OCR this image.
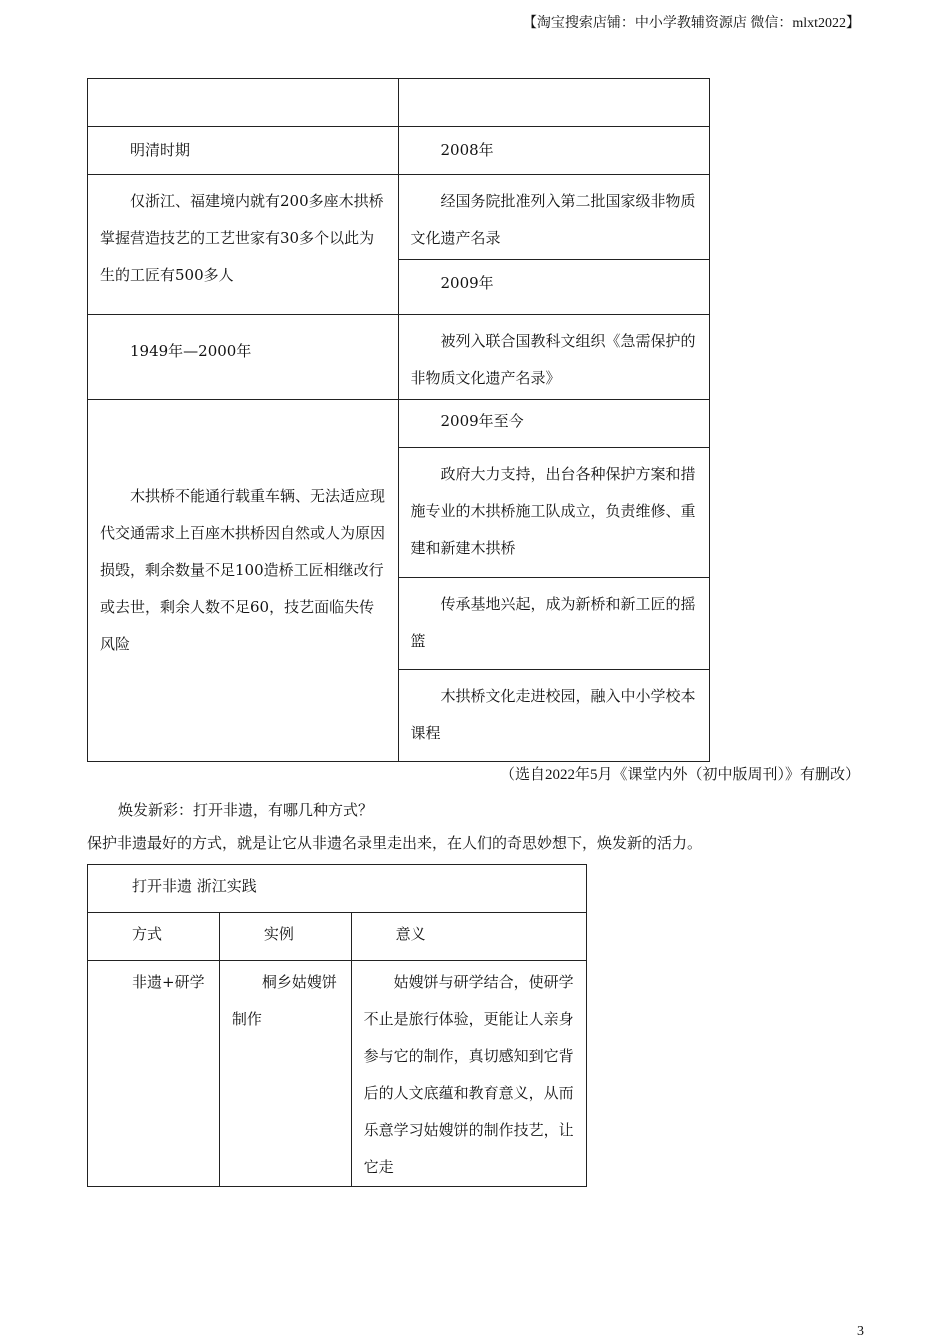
【淘宝搜索店铺：中小学教辅资源店 微信：mlxt2022】

明清时期	2008年

仅浙江、福建境内就有200多座木拱桥掌握营造技艺的工艺世家有30多个以此为生的工匠有500多人	经国务院批准列入第二批国家级非物质文化遗产名录

	2009年

1949年—2000年	被列入联合国教科文组织《急需保护的非物质文化遗产名录》

木拱桥不能通行载重车辆、无法适应现代交通需求上百座木拱桥因自然或人为原因损毁，剩余数量不足100造桥工匠相继改行或去世，剩余人数不足60，技艺面临失传风险	2009年至今

	政府大力支持，出台各种保护方案和措施专业的木拱桥施工队成立，负责维修、重建和新建木拱桥

	传承基地兴起，成为新桥和新工匠的摇篮

	木拱桥文化走进校园，融入中小学校本课程
（选自2022年5月《课堂内外（初中版周刊）》有删改）
焕发新彩：打开非遗，有哪几种方式？
保护非遗最好的方式，就是让它从非遗名录里走出来，在人们的奇思妙想下，焕发新的活力。
打开非遗 浙江实践		

方式	实例	意义

非遗+研学	桐乡姑嫂饼制作	姑嫂饼与研学结合，使研学不止是旅行体验，更能让人亲身参与它的制作，真切感知到它背后的人文底蕴和教育意义，从而乐意学习姑嫂饼的制作技艺，让它走
3
